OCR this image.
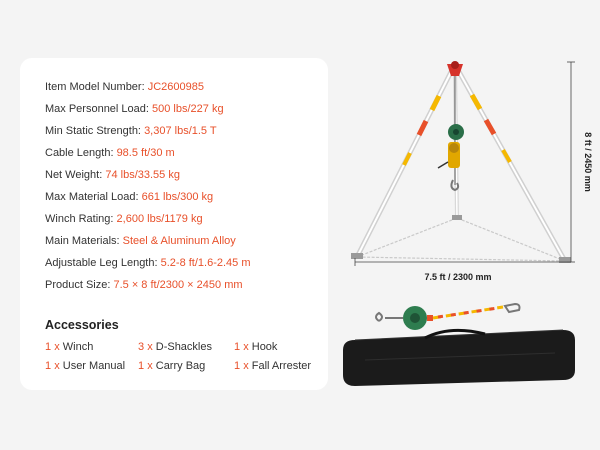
Item Model Number: JC2600985
Max Personnel Load: 500 lbs/227 kg
Min Static Strength: 3,307 lbs/1.5 T
Cable Length: 98.5 ft/30 m
Net Weight: 74 lbs/33.55 kg
Max Material Load: 661 lbs/300 kg
Winch Rating: 2,600 lbs/1179 kg
Main Materials: Steel & Aluminum Alloy
Adjustable Leg Length: 5.2-8 ft/1.6-2.45 m
Product Size: 7.5 × 8 ft/2300 × 2450 mm
Accessories
1 x Winch	3 x D-Shackles 1 x Hook
1 x User Manual 1 x Carry Bag	1 x Fall Arrester
8 ft / 2450 mm
7.5 ft / 2300 mm
